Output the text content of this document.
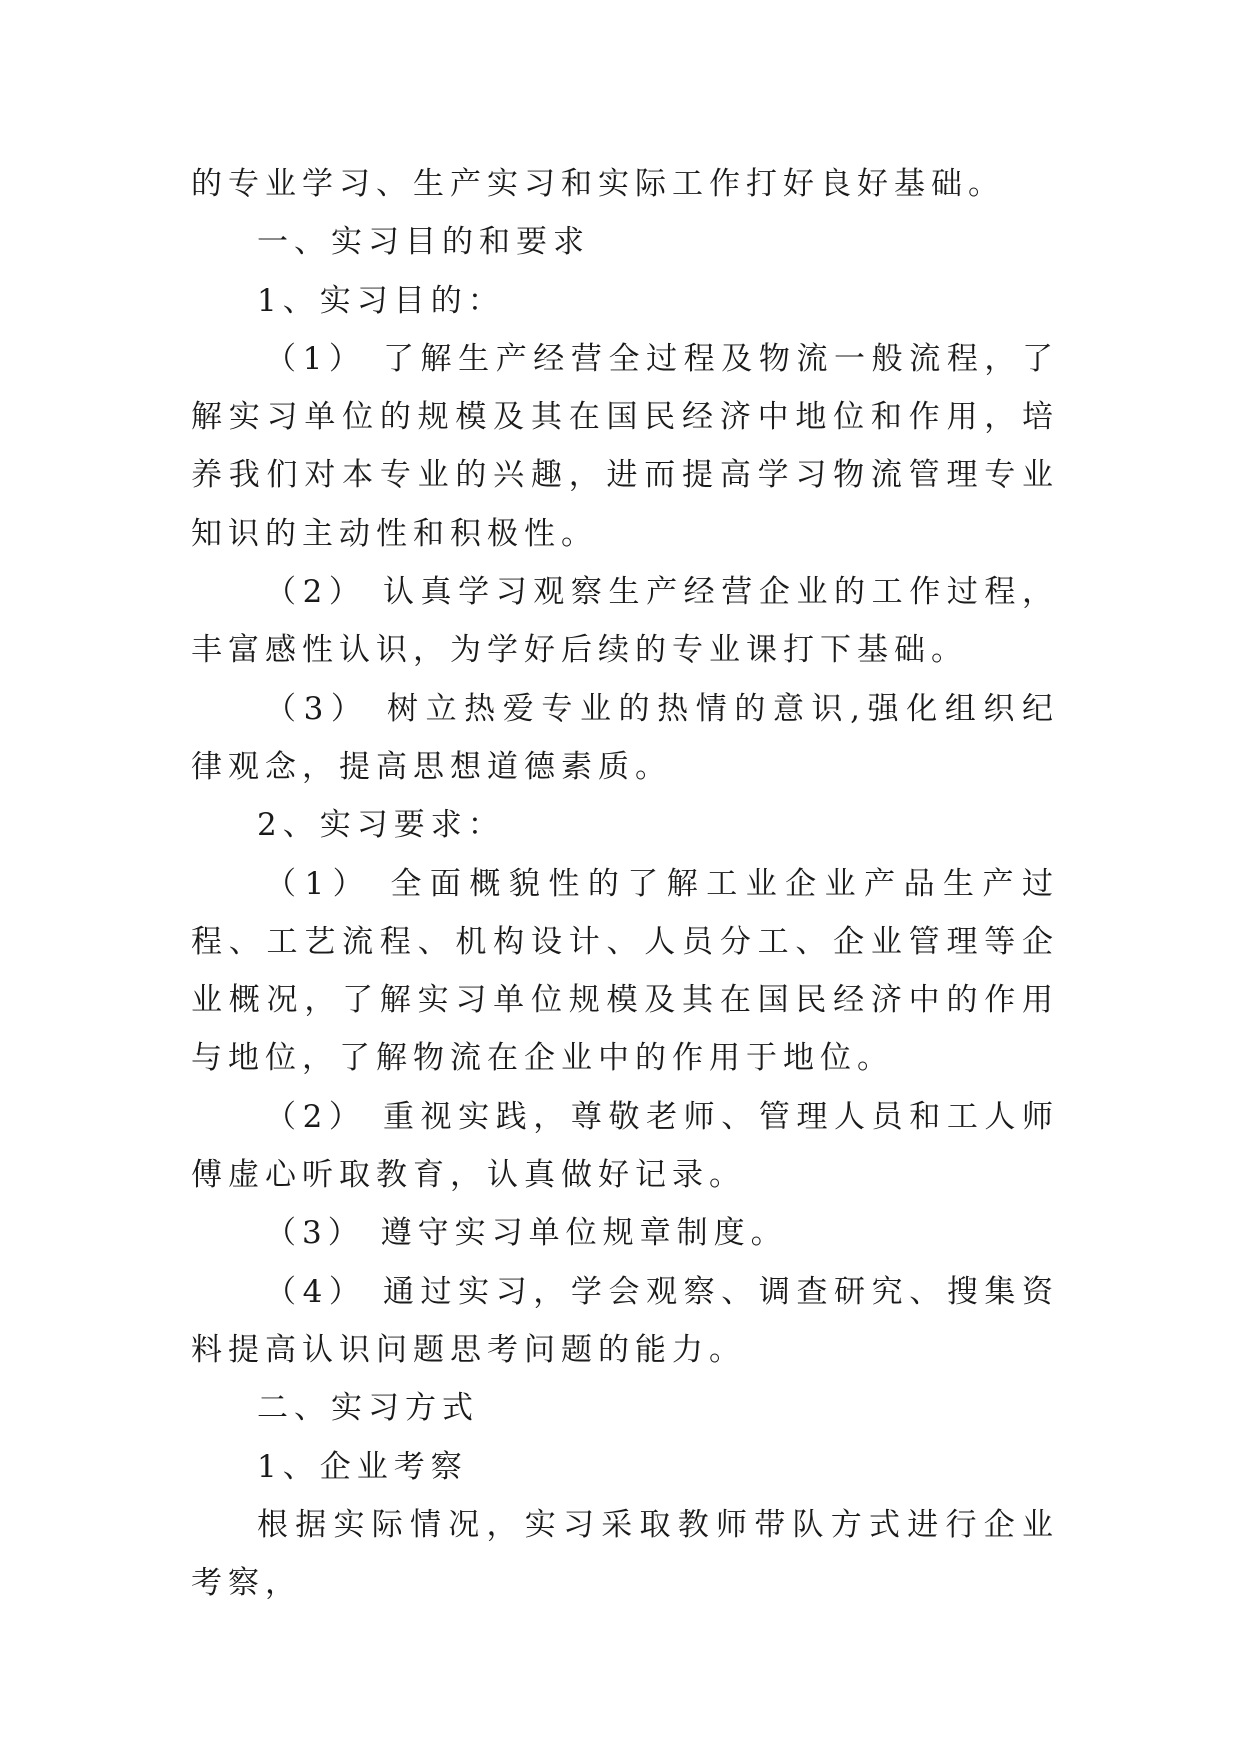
的专业学习、生产实习和实际工作打好良好基础。

一、实习目的和要求

1、实习目的：

（1） 了解生产经营全过程及物流一般流程，了解实习单位的规模及其在国民经济中地位和作用，培养我们对本专业的兴趣，进而提高学习物流管理专业知识的主动性和积极性。

（2） 认真学习观察生产经营企业的工作过程，丰富感性认识，为学好后续的专业课打下基础。

（3） 树立热爱专业的热情的意识,强化组织纪律观念，提高思想道德素质。

2、实习要求：

（1） 全面概貌性的了解工业企业产品生产过程、工艺流程、机构设计、人员分工、企业管理等企业概况，了解实习单位规模及其在国民经济中的作用与地位，了解物流在企业中的作用于地位。

（2） 重视实践，尊敬老师、管理人员和工人师傅虚心听取教育，认真做好记录。

（3） 遵守实习单位规章制度。

（4） 通过实习，学会观察、调查研究、搜集资料提高认识问题思考问题的能力。

二、实习方式

1、企业考察

根据实际情况，实习采取教师带队方式进行企业考察，
